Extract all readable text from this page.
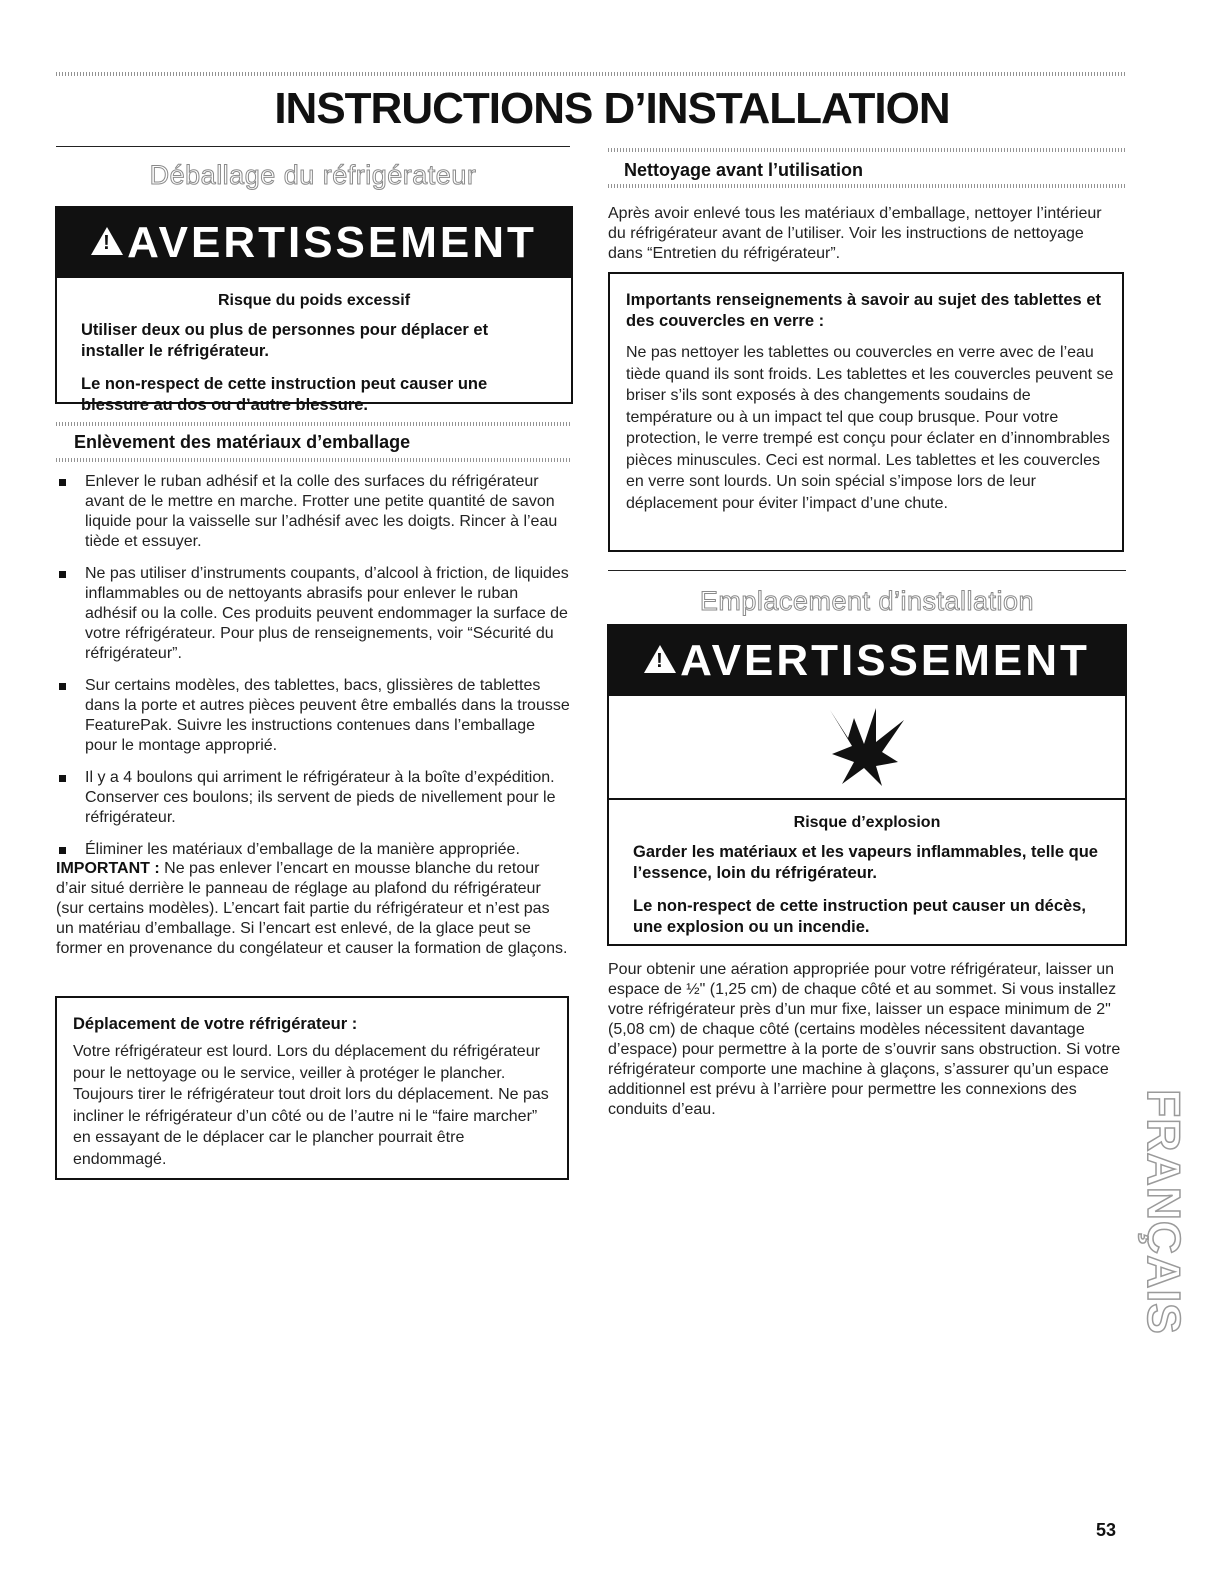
INSTRUCTIONS D’INSTALLATION
Déballage du réfrigérateur
!AVERTISSEMENT
Risque du poids excessif
Utiliser deux ou plus de personnes pour déplacer et installer le réfrigérateur.
Le non-respect de cette instruction peut causer une blessure au dos ou d’autre blessure.
Enlèvement des matériaux d’emballage
Enlever le ruban adhésif et la colle des surfaces du réfrigérateur avant de le mettre en marche. Frotter une petite quantité de savon liquide pour la vaisselle sur l’adhésif avec les doigts. Rincer à l’eau tiède et essuyer.
Ne pas utiliser d’instruments coupants, d’alcool à friction, de liquides inflammables ou de nettoyants abrasifs pour enlever le ruban adhésif ou la colle. Ces produits peuvent endommager la surface de votre réfrigérateur. Pour plus de renseignements, voir “Sécurité du réfrigérateur”.
Sur certains modèles, des tablettes, bacs, glissières de tablettes dans la porte et autres pièces peuvent être emballés dans la trousse FeaturePak. Suivre les instructions contenues dans l’emballage pour le montage approprié.
Il y a 4 boulons qui arriment le réfrigérateur à la boîte d’expédition. Conserver ces boulons; ils servent de pieds de nivellement pour le réfrigérateur.
Éliminer les matériaux d’emballage de la manière appropriée.

IMPORTANT : Ne pas enlever l’encart en mousse blanche du retour d’air situé derrière le panneau de réglage au plafond du réfrigérateur (sur certains modèles). L’encart fait partie du réfrigérateur et n’est pas un matériau d’emballage. Si l’encart est enlevé, de la glace peut se former en provenance du congélateur et causer la formation de glaçons.

Déplacement de votre réfrigérateur :
Votre réfrigérateur est lourd. Lors du déplacement du réfrigérateur pour le nettoyage ou le service, veiller à protéger le plancher. Toujours tirer le réfrigérateur tout droit lors du déplacement. Ne pas incliner le réfrigérateur d’un côté ou de l’autre ni le “faire marcher” en essayant de le déplacer car le plancher pourrait être endommagé.
Nettoyage avant l’utilisation

Après avoir enlevé tous les matériaux d’emballage, nettoyer l’intérieur du réfrigérateur avant de l’utiliser. Voir les instructions de nettoyage dans “Entretien du réfrigérateur”.

Importants renseignements à savoir au sujet des tablettes et des couvercles en verre :
Ne pas nettoyer les tablettes ou couvercles en verre avec de l’eau tiède quand ils sont froids. Les tablettes et les couvercles peuvent se briser s’ils sont exposés à des changements soudains de température ou à un impact tel que coup brusque. Pour votre protection, le verre trempé est conçu pour éclater en d’innombrables pièces minuscules. Ceci est normal. Les tablettes et les couvercles en verre sont lourds. Un soin spécial s’impose lors de leur déplacement pour éviter l’impact d’une chute.
Emplacement d’installation
!AVERTISSEMENT
Risque d’explosion
Garder les matériaux et les vapeurs inflammables, telle que l’essence, loin du réfrigérateur.
Le non-respect de cette instruction peut causer un décès, une explosion ou un incendie.

Pour obtenir une aération appropriée pour votre réfrigérateur, laisser un espace de ½" (1,25 cm) de chaque côté et au sommet. Si vous installez votre réfrigérateur près d’un mur fixe, laisser un espace minimum de 2" (5,08 cm) de chaque côté (certains modèles nécessitent davantage d’espace) pour permettre à la porte de s’ouvrir sans obstruction. Si votre réfrigérateur comporte une machine à glaçons, s’assurer qu’un espace additionnel est prévu à l’arrière pour permettre les connexions des conduits d’eau.	FRANÇAIS
53
